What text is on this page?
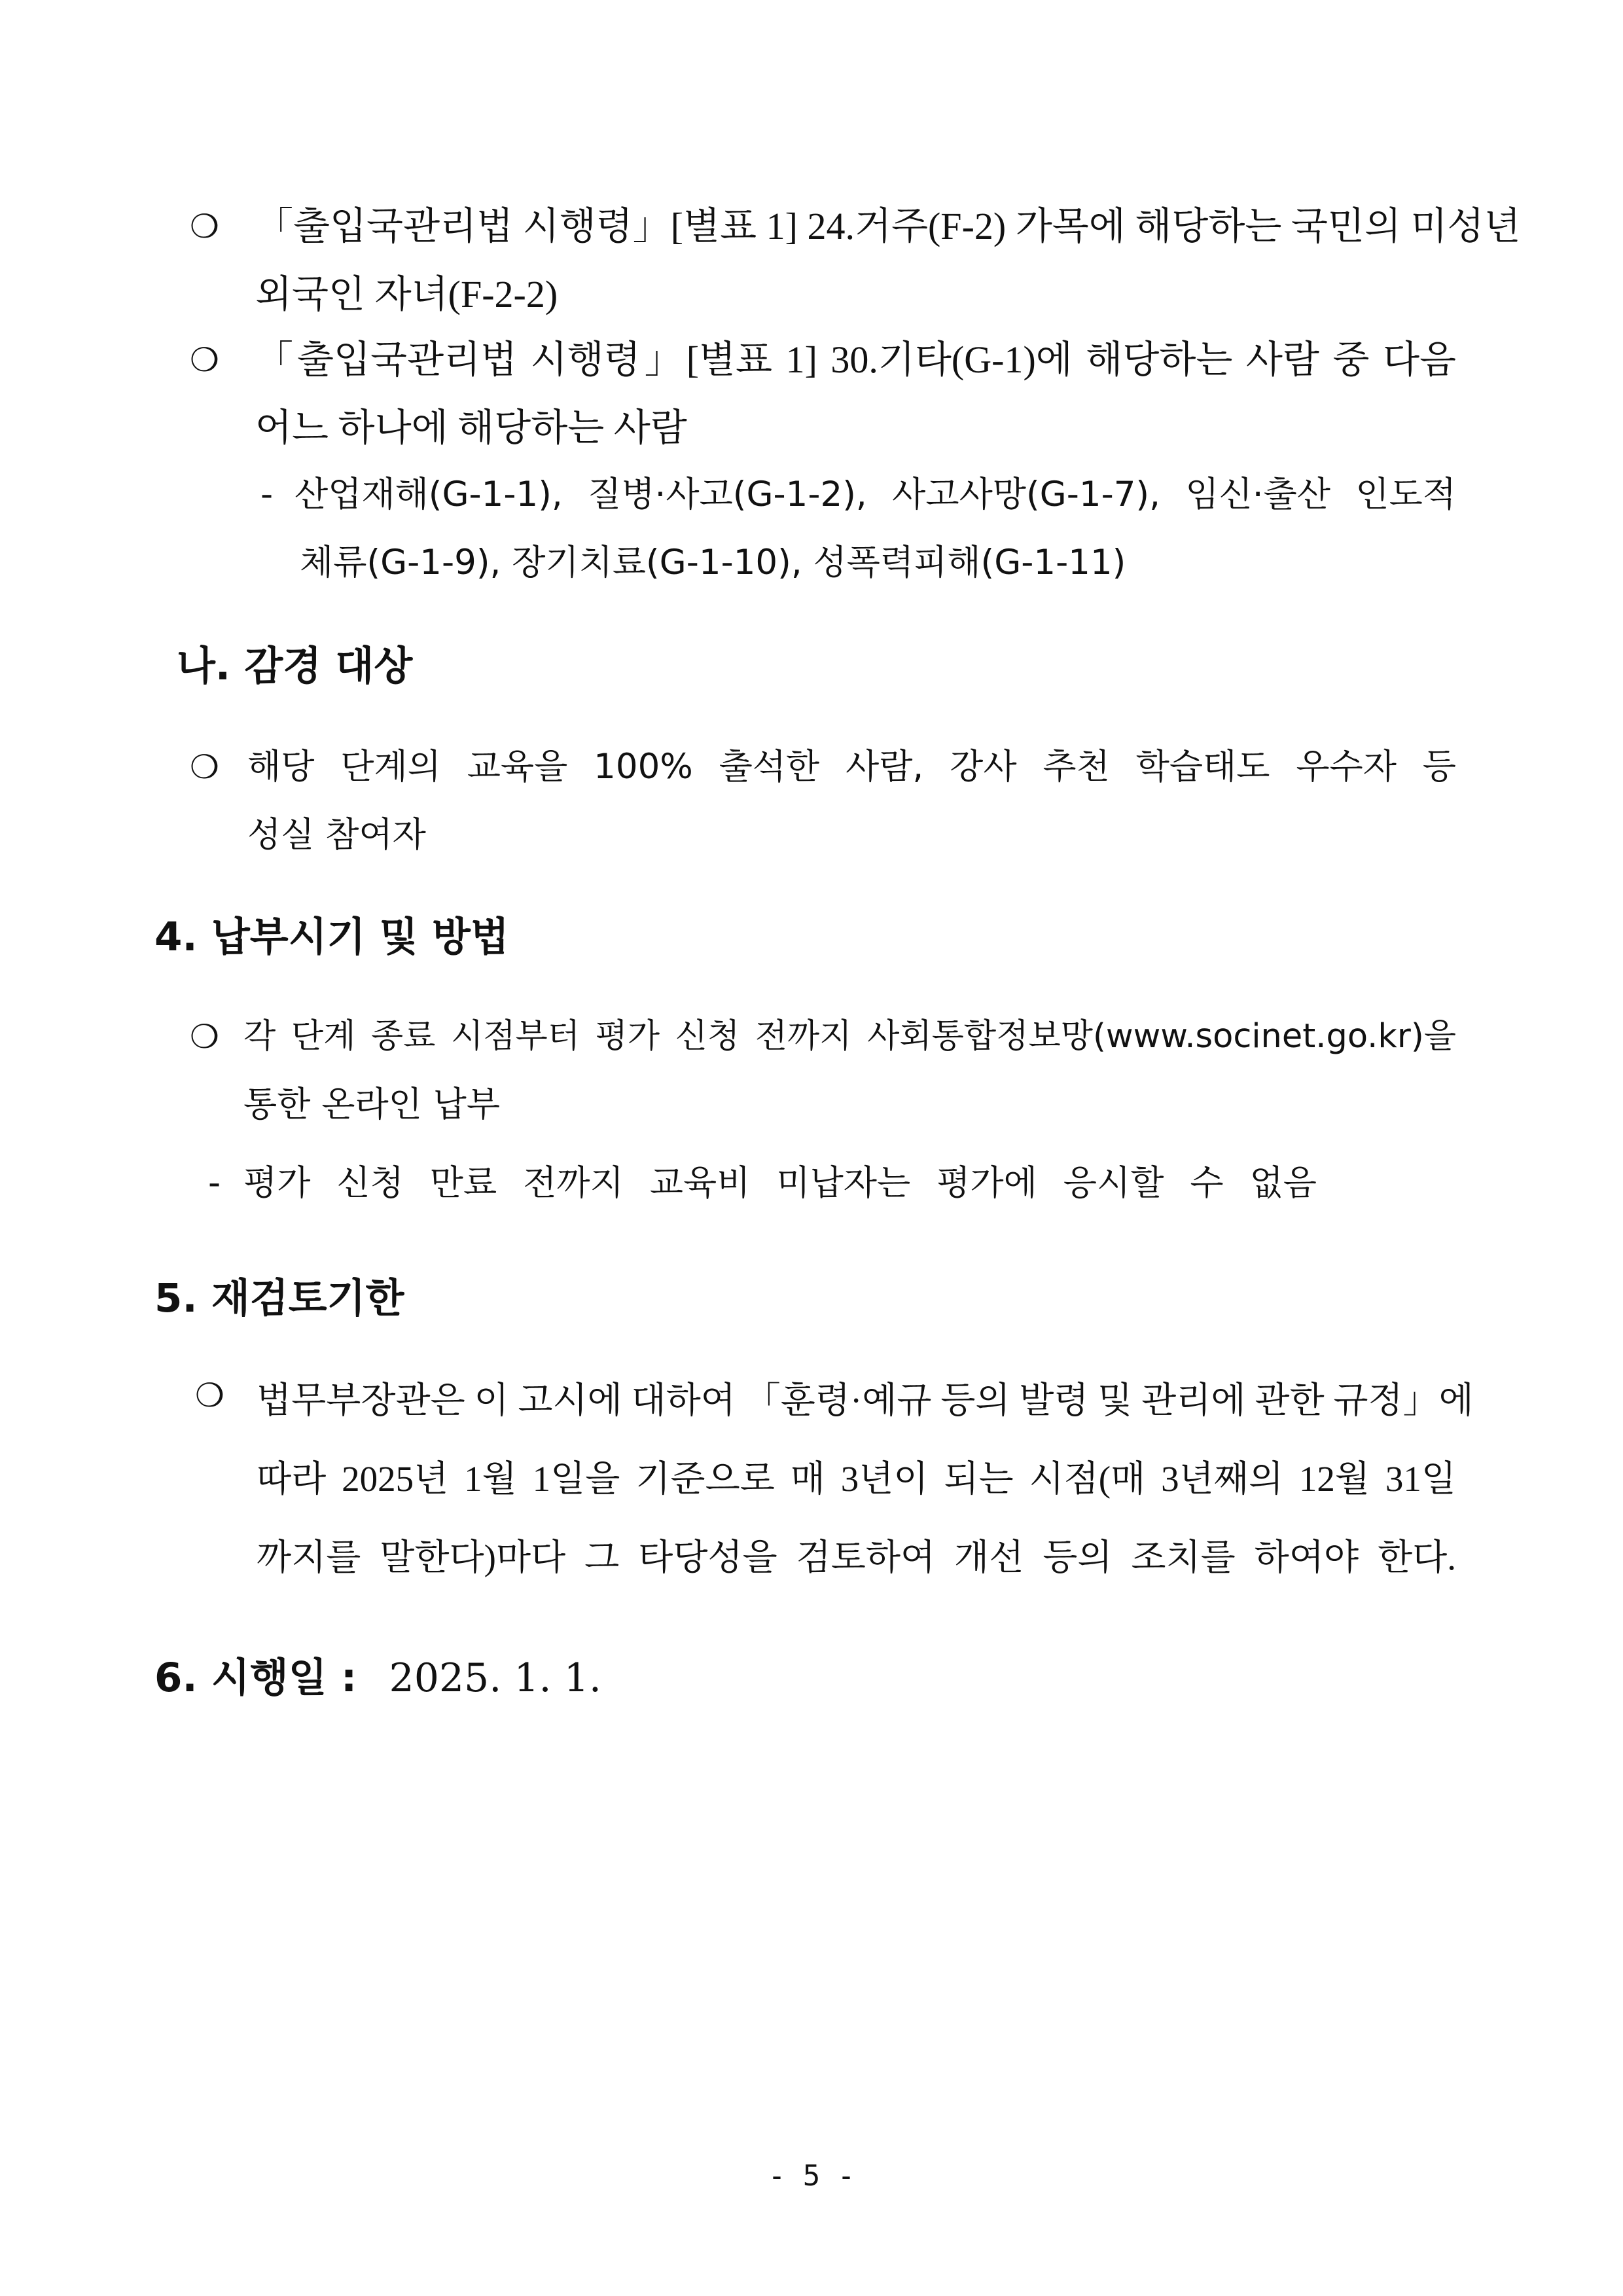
❍ 「출입국관리법 시행령」[별표 1] 24.거주(F-2) 가목에 해당하는 국민의 미성년
외국인 자녀(F-2-2)
❍ 「출입국관리법 시행령」[별표 1] 30.기타(G-1)에 해당하는 사람 중 다음
어느 하나에 해당하는 사람
- 산업재해(G-1-1), 질병·사고(G-1-2), 사고사망(G-1-7), 임신·출산 인도적
체류(G-1-9), 장기치료(G-1-10), 성폭력피해(G-1-11)
나. 감경 대상
❍ 해당 단계의 교육을 100% 출석한 사람, 강사 추천 학습태도 우수자 등
성실 참여자
4. 납부시기 및 방법
❍ 각 단계 종료 시점부터 평가 신청 전까지 사회통합정보망(www.socinet.go.kr)을
통한 온라인 납부
- 평가 신청 만료 전까지 교육비 미납자는 평가에 응시할 수 없음
5. 재검토기한
❍ 법무부장관은 이 고시에 대하여 「훈령·예규 등의 발령 및 관리에 관한 규정」에
따라 2025년 1월 1일을 기준으로 매 3년이 되는 시점(매 3년째의 12월 31일
까지를 말한다)마다 그 타당성을 검토하여 개선 등의 조치를 하여야 한다.
6. 시행일 : 2025. 1. 1.
- 5 -
